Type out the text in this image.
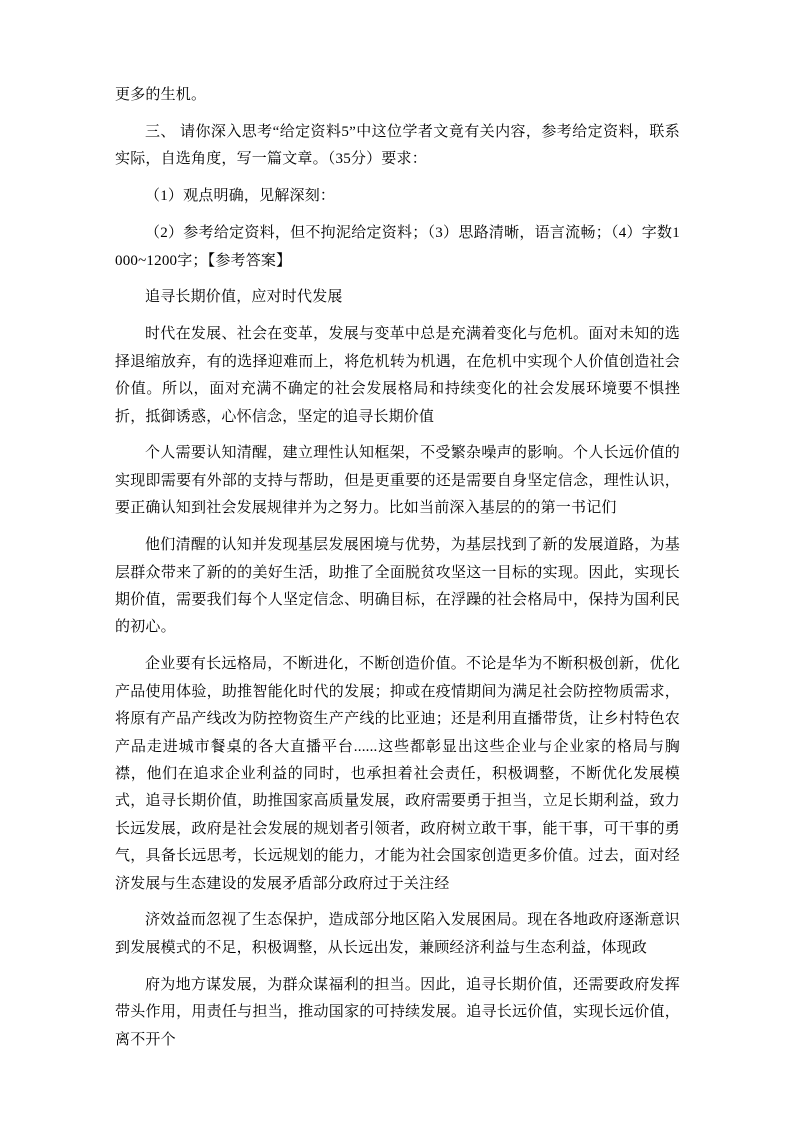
更多的生机。

三、 请你深入思考“给定资料5”中这位学者文竟有关内容，参考给定资料，联系实际，自选角度，写一篇文章。（35分）要求：

（1）观点明确，见解深刻：

（2）参考给定资料，但不拘泥给定资料；（3）思路清晰，语言流畅；（4）字数1000~1200字；【参考答案】

追寻长期价值，应对时代发展

时代在发展、社会在变革，发展与变革中总是充满着变化与危机。面对未知的选择退缩放弃，有的选择迎难而上，将危机转为机遇，在危机中实现个人价值创造社会价值。所以，面对充满不确定的社会发展格局和持续变化的社会发展环境要不惧挫折，抵御诱惑，心怀信念，坚定的追寻长期价值

个人需要认知清醒，建立理性认知框架，不受繁杂噪声的影响。个人长远价值的实现即需要有外部的支持与帮助，但是更重要的还是需要自身坚定信念，理性认识，要正确认知到社会发展规律并为之努力。比如当前深入基层的的第一书记们

他们清醒的认知并发现基层发展困境与优势，为基层找到了新的发展道路，为基层群众带来了新的的美好生活，助推了全面脱贫攻坚这一目标的实现。因此，实现长期价值，需要我们每个人坚定信念、明确目标，在浮躁的社会格局中，保持为国利民的初心。

企业要有长远格局，不断进化，不断创造价值。不论是华为不断积极创新，优化产品使用体验，助推智能化时代的发展；抑或在疫情期间为满足社会防控物质需求，将原有产品产线改为防控物资生产产线的比亚迪；还是利用直播带货，让乡村特色农产品走进城市餐桌的各大直播平台......这些都彰显出这些企业与企业家的格局与胸襟，他们在追求企业利益的同时，也承担着社会责任，积极调整，不断优化发展模式，追寻长期价值，助推国家高质量发展，政府需要勇于担当，立足长期利益，致力长远发展，政府是社会发展的规划者引领者，政府树立敢干事，能干事，可干事的勇气，具备长远思考，长远规划的能力，才能为社会国家创造更多价值。过去，面对经济发展与生态建设的发展矛盾部分政府过于关注经

济效益而忽视了生态保护，造成部分地区陷入发展困局。现在各地政府逐渐意识到发展模式的不足，积极调整，从长远出发，兼顾经济利益与生态利益，体现政

府为地方谋发展，为群众谋福利的担当。因此，追寻长期价值，还需要政府发挥带头作用，用责任与担当，推动国家的可持续发展。追寻长远价值，实现长远价值，离不开个
